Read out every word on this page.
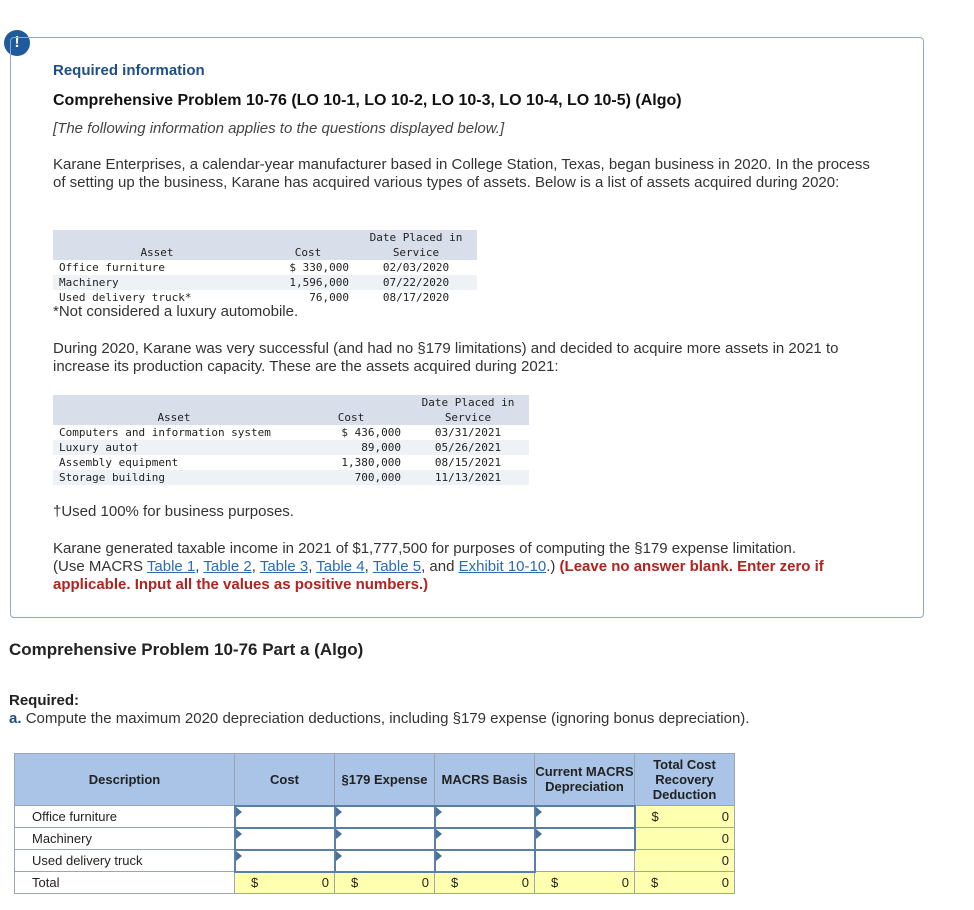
!
Required information
Comprehensive Problem 10-76 (LO 10-1, LO 10-2, LO 10-3, LO 10-4, LO 10-5) (Algo)
[The following information applies to the questions displayed below.]
Karane Enterprises, a calendar-year manufacturer based in College Station, Texas, began business in 2020. In the process of setting up the business, Karane has acquired various types of assets. Below is a list of assets acquired during 2020:
Asset	Cost	Date Placed in
Service
Office furniture	$ 330,000	02/03/2020
Machinery	1,596,000	07/22/2020
Used delivery truck*	76,000	08/17/2020
*Not considered a luxury automobile.
During 2020, Karane was very successful (and had no §179 limitations) and decided to acquire more assets in 2021 to increase its production capacity. These are the assets acquired during 2021:
Asset	Cost	Date Placed in
Service
Computers and information system	$ 436,000	03/31/2021
Luxury auto†	89,000	05/26/2021
Assembly equipment	1,380,000	08/15/2021
Storage building	700,000	11/13/2021
†Used 100% for business purposes.
Karane generated taxable income in 2021 of $1,777,500 for purposes of computing the §179 expense limitation.
(Use MACRS Table 1, Table 2, Table 3, Table 4, Table 5, and Exhibit 10-10.) (Leave no answer blank. Enter zero if applicable. Input all the values as positive numbers.)
Comprehensive Problem 10-76 Part a (Algo)
Required:
a. Compute the maximum 2020 depreciation deductions, including §179 expense (ignoring bonus depreciation).
Description	Cost	§179 Expense	MACRS Basis	Current MACRS Depreciation	Total Cost Recovery Deduction
Office furniture					$ 0

Machinery					0

Used delivery truck					0

Total	$ 0	$ 0	$ 0	$ 0	$ 0
